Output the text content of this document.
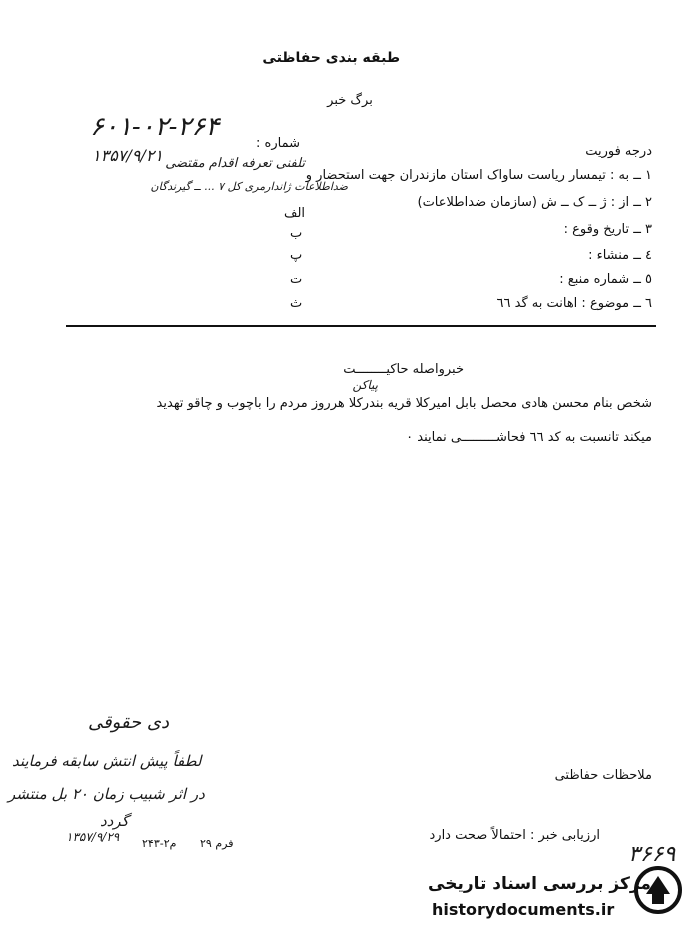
طبقه بندی حفاظتی
برگ خبر
۶۰۱-۰۲-۲۶۴
۱۳۵۷/۹/۲۱
شماره :
درجه فوریت
۱ ــ به : تیمسار ریاست ساواک استان مازندران جهت استحضار و
تلفنی تعرفه اقدام مقتضی
۲ ــ از : ژ ــ ک ــ ش (سازمان ضداطلاعات)
ضداطلاعات ژاندارمری کل ۷ ... ــ گیرندگان
۳ ــ تاریخ وقوع :
٤ ــ منشاء :
٥ ــ شماره منبع :
٦ ــ موضوع : اهانت به گد ٦٦
الف
ب
پ
ت
ث
خبرواصله حاکیــــــــت
پیاکن
شخص بنام محسن هادی محصل بابل امیرکلا قریه بندرکلا هرروز مردم را باچوب و چاقو تهدید
میکند تانسبت به کد ٦٦ فحاشـــــــــی نمایند ٠
دی حقوقی
لطفاً پیش انتش سابقه فرمایند
در اثر شبیب زمان ۲۰ بل منتشر
گردد
۱۳۵۷/۹/۲۹
ملاحظات حفاظتی
ارزیابی خبر : احتمالاً صحت دارد
فرم ۲۹
۲۴۳-۲م	۳۶۶۹
مرکز بررسی اسناد تاریخی
historydocuments.ir
